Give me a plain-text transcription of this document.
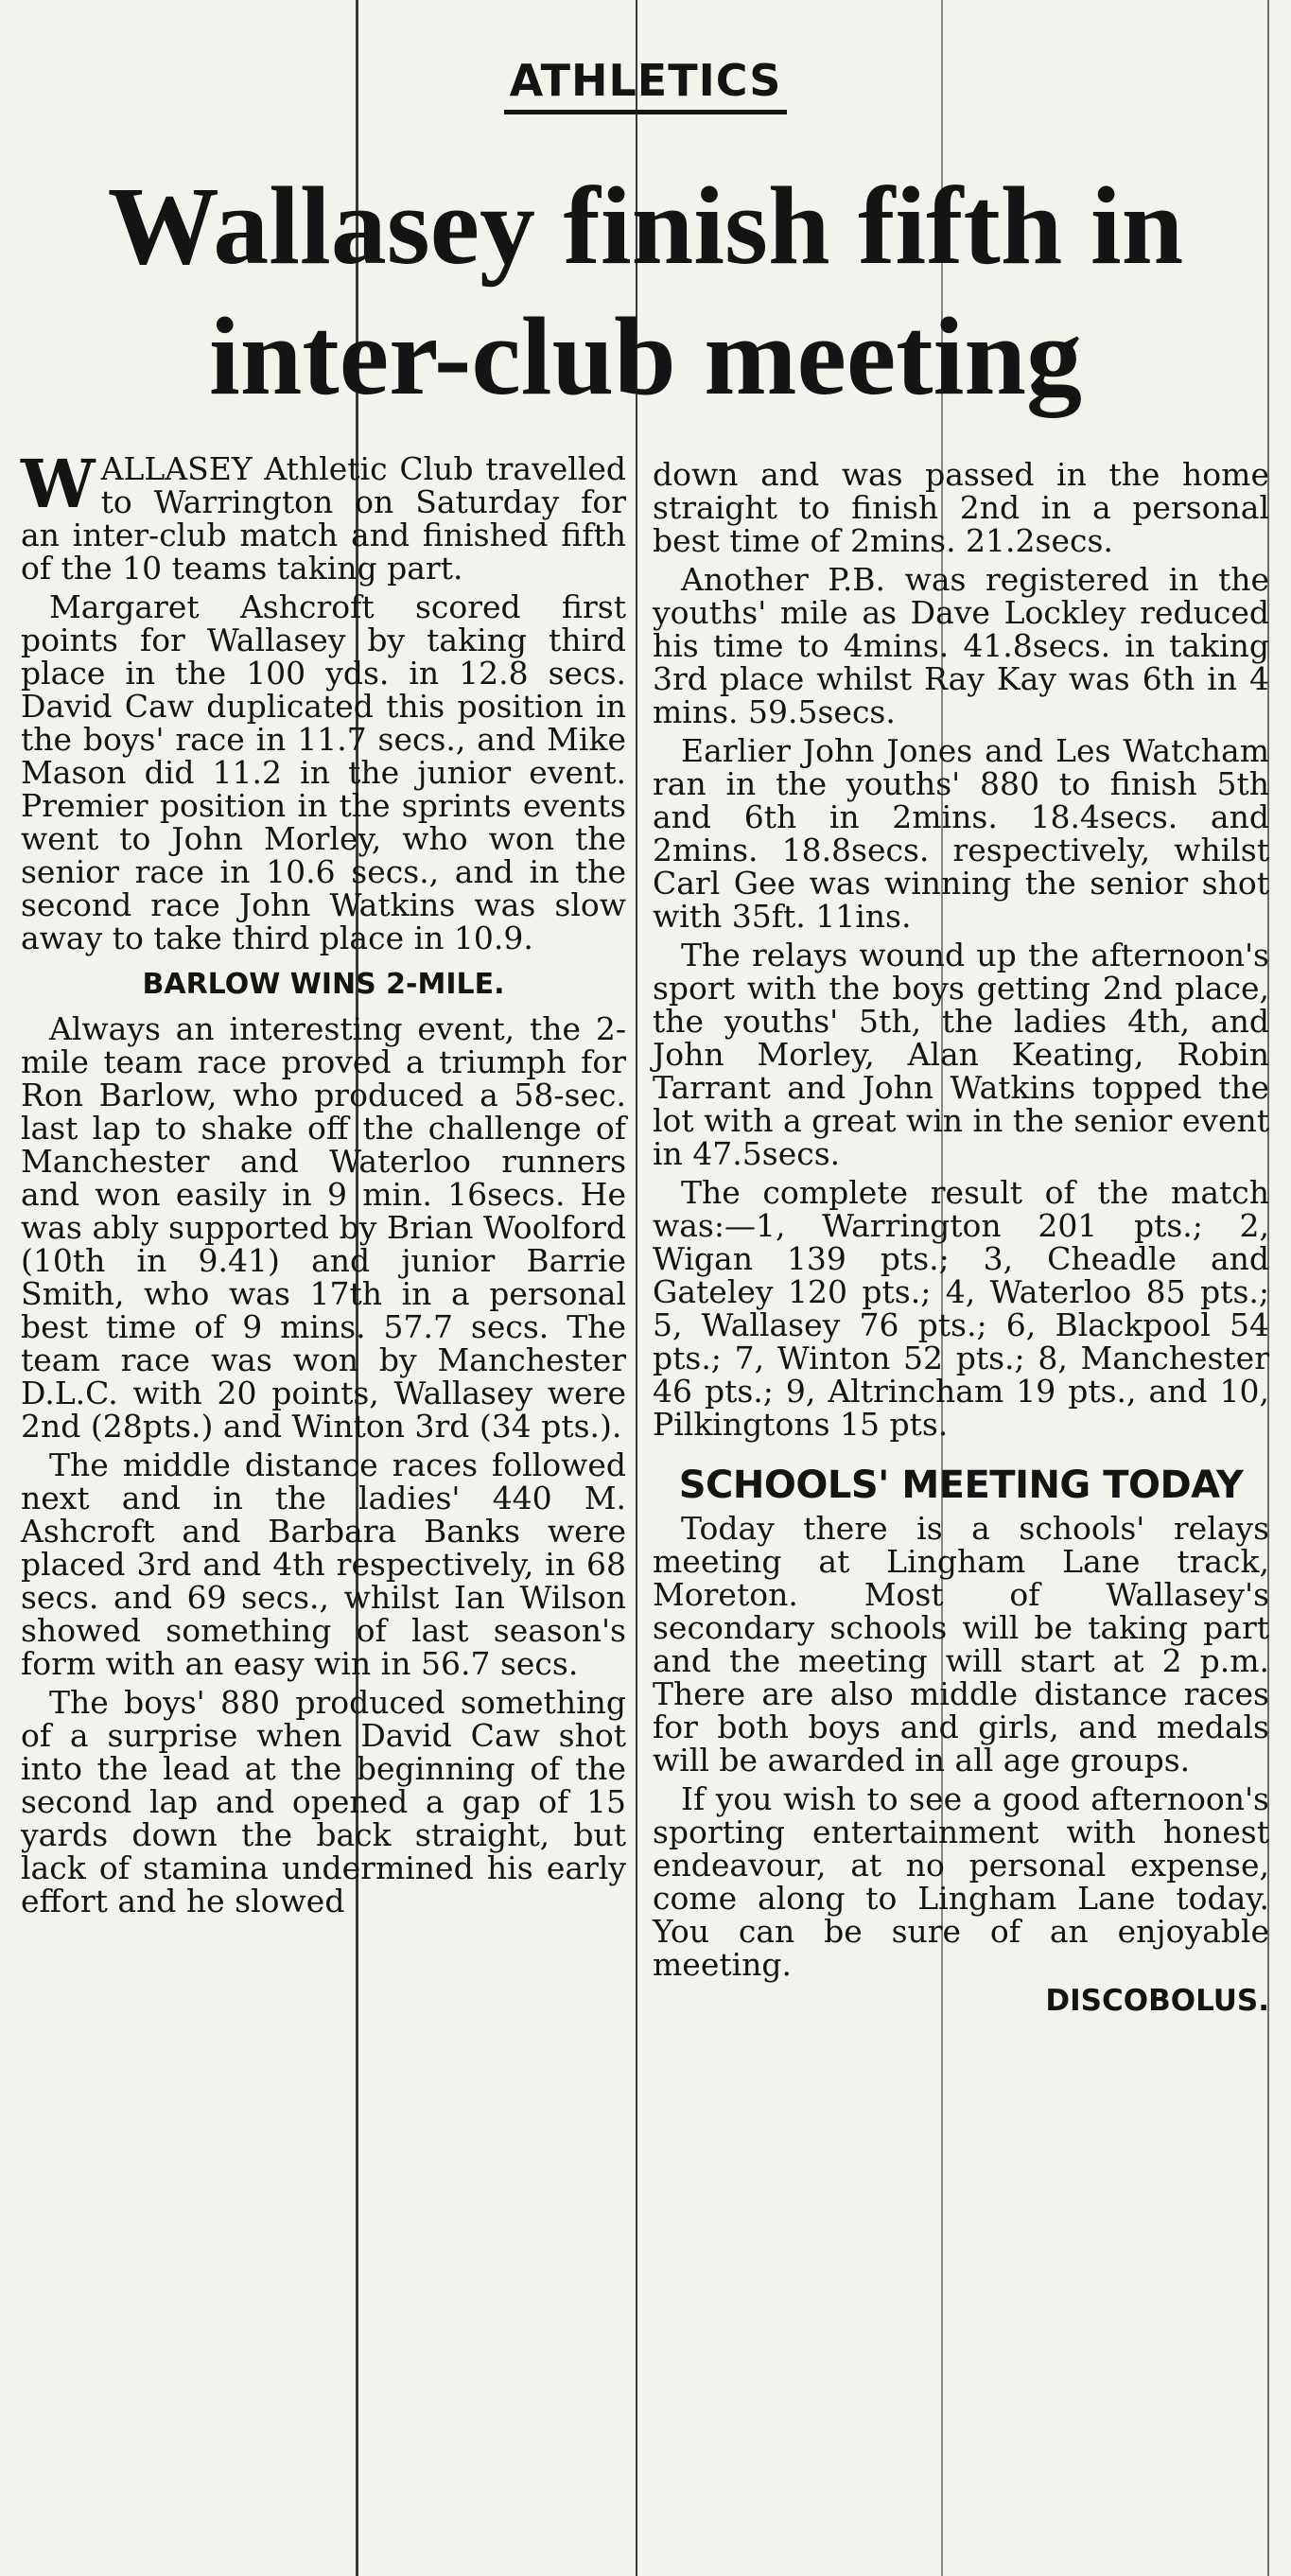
ATHLETICS
Wallasey finish fifth in inter-club meeting

WALLASEY Athletic Club travelled to Warrington on Saturday for an inter-club match and finished fifth of the 10 teams taking part.

Margaret Ashcroft scored first points for Wallasey by taking third place in the 100 yds. in 12.8 secs. David Caw duplicated this position in the boys' race in 11.7 secs., and Mike Mason did 11.2 in the junior event. Premier position in the sprints events went to John Morley, who won the senior race in 10.6 secs., and in the second race John Watkins was slow away to take third place in 10.9.

BARLOW WINS 2-MILE.

Always an interesting event, the 2-mile team race proved a triumph for Ron Barlow, who produced a 58-sec. last lap to shake off the challenge of Manchester and Waterloo runners and won easily in 9 min. 16secs. He was ably supported by Brian Woolford (10th in 9.41) and junior Barrie Smith, who was 17th in a personal best time of 9 mins. 57.7 secs. The team race was won by Manchester D.L.C. with 20 points, Wallasey were 2nd (28pts.) and Winton 3rd (34 pts.).

The middle distance races followed next and in the ladies' 440 M. Ashcroft and Barbara Banks were placed 3rd and 4th respectively, in 68 secs. and 69 secs., whilst Ian Wilson showed something of last season's form with an easy win in 56.7 secs.

The boys' 880 produced something of a surprise when David Caw shot into the lead at the beginning of the second lap and opened a gap of 15 yards down the back straight, but lack of stamina undermined his early effort and he slowed

down and was passed in the home straight to finish 2nd in a personal best time of 2mins. 21.2secs.

Another P.B. was registered in the youths' mile as Dave Lockley reduced his time to 4mins. 41.8secs. in taking 3rd place whilst Ray Kay was 6th in 4 mins. 59.5secs.

Earlier John Jones and Les Watcham ran in the youths' 880 to finish 5th and 6th in 2mins. 18.4secs. and 2mins. 18.8secs. respectively, whilst Carl Gee was winning the senior shot with 35ft. 11ins.

The relays wound up the afternoon's sport with the boys getting 2nd place, the youths' 5th, the ladies 4th, and John Morley, Alan Keating, Robin Tarrant and John Watkins topped the lot with a great win in the senior event in 47.5secs.

The complete result of the match was:—1, Warrington 201 pts.; 2, Wigan 139 pts.; 3, Cheadle and Gateley 120 pts.; 4, Waterloo 85 pts.; 5, Wallasey 76 pts.; 6, Blackpool 54 pts.; 7, Winton 52 pts.; 8, Manchester 46 pts.; 9, Altrincham 19 pts., and 10, Pilkingtons 15 pts.

SCHOOLS' MEETING TODAY

Today there is a schools' relays meeting at Lingham Lane track, Moreton. Most of Wallasey's secondary schools will be taking part and the meeting will start at 2 p.m. There are also middle distance races for both boys and girls, and medals will be awarded in all age groups.

If you wish to see a good afternoon's sporting entertainment with honest endeavour, at no personal expense, come along to Lingham Lane today. You can be sure of an enjoyable meeting.

DISCOBOLUS.
